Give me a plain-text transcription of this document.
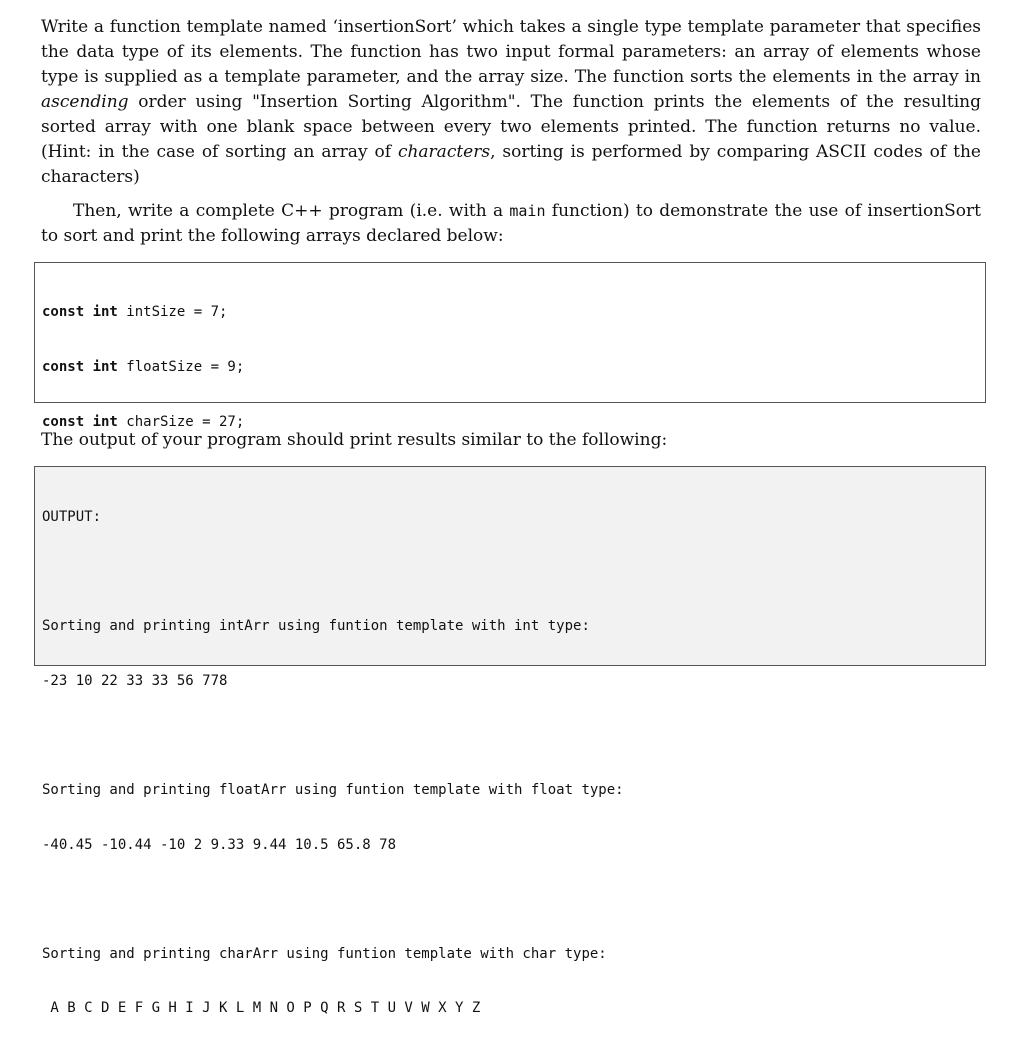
Write a function template named ‘insertionSort’ which takes a single type template parameter that specifies the data type of its elements. The function has two input formal parameters: an array of elements whose type is supplied as a template parameter, and the array size. The function sorts the elements in the array in ascending order using "Insertion Sorting Algorithm". The function prints the elements of the resulting sorted array with one blank space between every two elements printed. The function returns no value. (Hint: in the case of sorting an array of characters, sorting is performed by comparing ASCII codes of the characters)

Then, write a complete C++ program (i.e. with a main function) to demonstrate the use of insertionSort to sort and print the following arrays declared below:

const int intSize = 7;

const int floatSize = 9;

const int charSize = 27;

The output of your program should print results similar to the following:

OUTPUT:

Sorting and printing intArr using funtion template with int type:

-23 10 22 33 33 56 778

Sorting and printing floatArr using funtion template with float type:

-40.45 -10.44 -10 2 9.33 9.44 10.5 65.8 78

Sorting and printing charArr using funtion template with char type:

A B C D E F G H I J K L M N O P Q R S T U V W X Y Z
